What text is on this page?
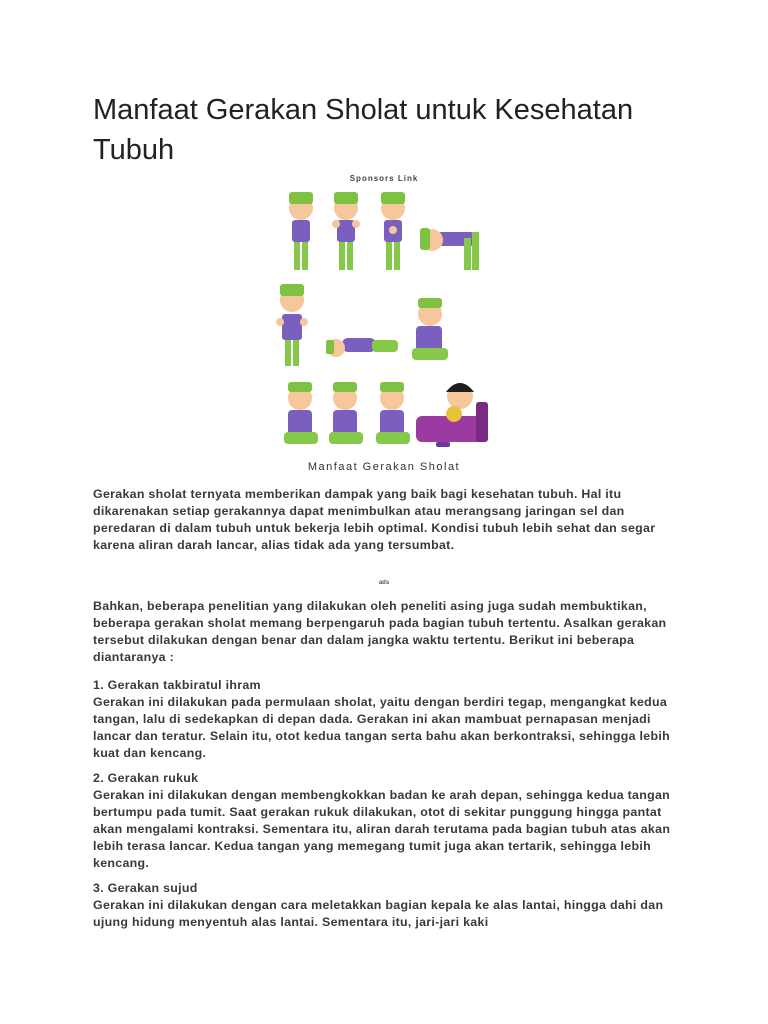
Manfaat Gerakan Sholat untuk Kesehatan Tubuh
Sponsors Link
Manfaat Gerakan Sholat

Gerakan sholat ternyata memberikan dampak yang baik bagi kesehatan tubuh. Hal itu dikarenakan setiap gerakannya dapat menimbulkan atau merangsang jaringan sel dan peredaran di dalam tubuh untuk bekerja lebih optimal. Kondisi tubuh lebih sehat dan segar karena aliran darah lancar, alias tidak ada yang tersumbat.

ads

Bahkan, beberapa penelitian yang dilakukan oleh peneliti asing juga sudah membuktikan, beberapa gerakan sholat memang berpengaruh pada bagian tubuh tertentu. Asalkan gerakan tersebut dilakukan dengan benar dan dalam jangka waktu tertentu. Berikut ini beberapa diantaranya :

1. Gerakan takbiratul ihram
Gerakan ini dilakukan pada permulaan sholat, yaitu dengan berdiri tegap, mengangkat kedua tangan, lalu di sedekapkan di depan dada. Gerakan ini akan mambuat pernapasan menjadi lancar dan teratur. Selain itu, otot kedua tangan serta bahu akan berkontraksi, sehingga lebih kuat dan kencang.
2. Gerakan rukuk
Gerakan ini dilakukan dengan membengkokkan badan ke arah depan, sehingga kedua tangan bertumpu pada tumit. Saat gerakan rukuk dilakukan, otot di sekitar punggung hingga pantat akan mengalami kontraksi. Sementara itu, aliran darah terutama pada bagian tubuh atas akan lebih terasa lancar. Kedua tangan yang memegang tumit juga akan tertarik, sehingga lebih kencang.
3. Gerakan sujud
Gerakan ini dilakukan dengan cara meletakkan bagian kepala ke alas lantai, hingga dahi dan ujung hidung menyentuh alas lantai. Sementara itu, jari-jari kaki
